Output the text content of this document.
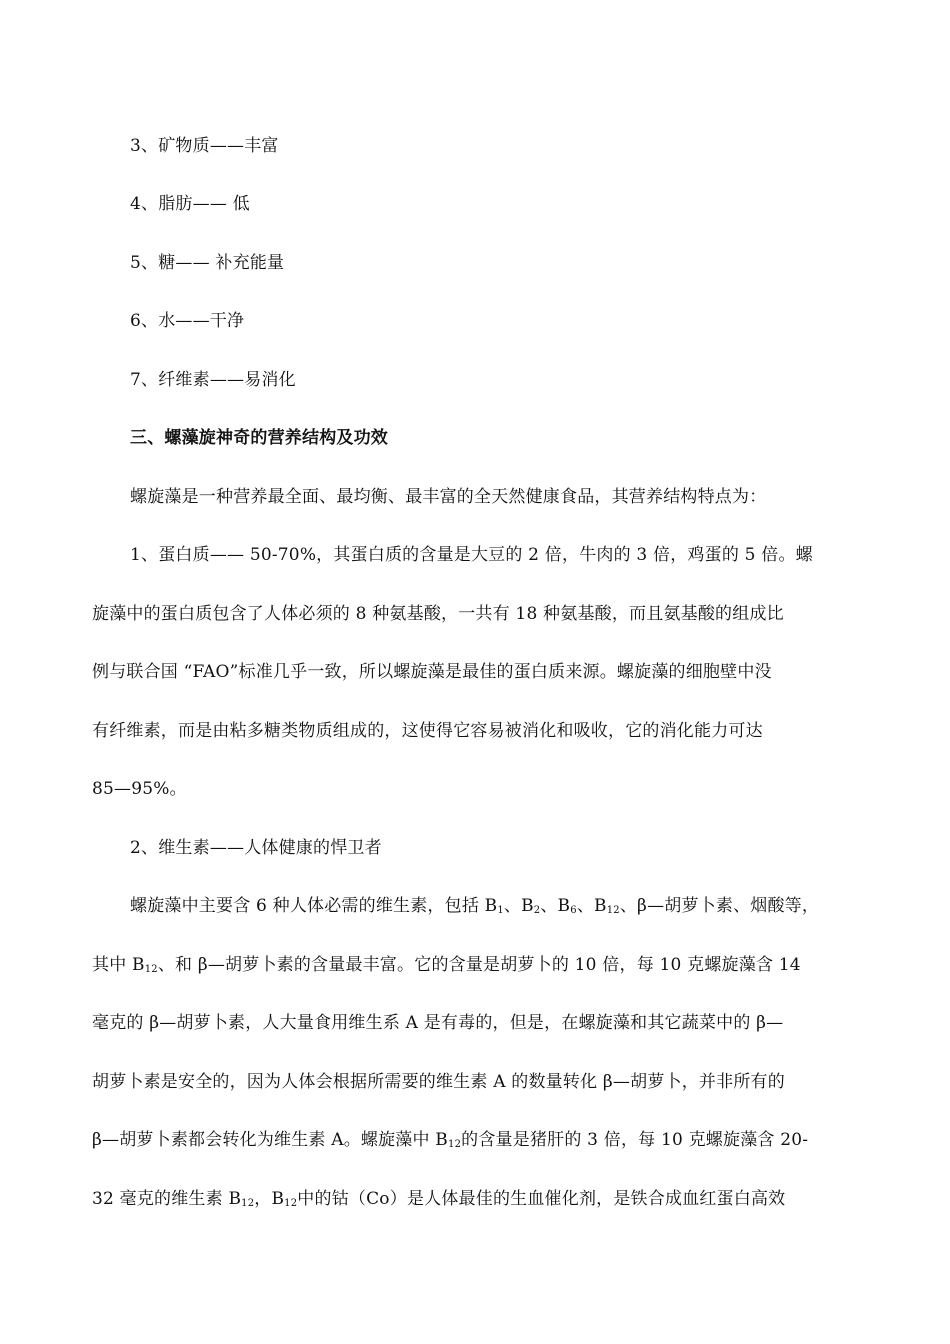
3、矿物质——丰富
4、脂肪—— 低
5、糖—— 补充能量
6、水——干净
7、纤维素——易消化
三、螺藻旋神奇的营养结构及功效
螺旋藻是一种营养最全面、最均衡、最丰富的全天然健康食品，其营养结构特点为：
1、蛋白质—— 50-70%，其蛋白质的含量是大豆的 2 倍，牛肉的 3 倍，鸡蛋的 5 倍。螺
旋藻中的蛋白质包含了人体必须的 8 种氨基酸，一共有 18 种氨基酸，而且氨基酸的组成比
例与联合国 “FAO”标准几乎一致，所以螺旋藻是最佳的蛋白质来源。螺旋藻的细胞壁中没
有纤维素，而是由粘多糖类物质组成的，这使得它容易被消化和吸收，它的消化能力可达
85—95%。
2、维生素——人体健康的悍卫者
螺旋藻中主要含 6 种人体必需的维生素，包括 $B_1$、$B_2$、$B_6$、$B_{12}$、β—胡萝卜素、烟酸等，
其中 $B_{12}$、和 β—胡萝卜素的含量最丰富。它的含量是胡萝卜的 10 倍，每 10 克螺旋藻含 14
毫克的 β—胡萝卜素，人大量食用维生系 A 是有毒的，但是，在螺旋藻和其它蔬菜中的 β—
胡萝卜素是安全的，因为人体会根据所需要的维生素 A 的数量转化 β—胡萝卜，并非所有的
β—胡萝卜素都会转化为维生素 A。螺旋藻中 $B_{12}$的含量是猪肝的 3 倍，每 10 克螺旋藻含 20-
32 毫克的维生素 $B_{12}$，$B_{12}$中的钴（Co）是人体最佳的生血催化剂，是铁合成血红蛋白高效
